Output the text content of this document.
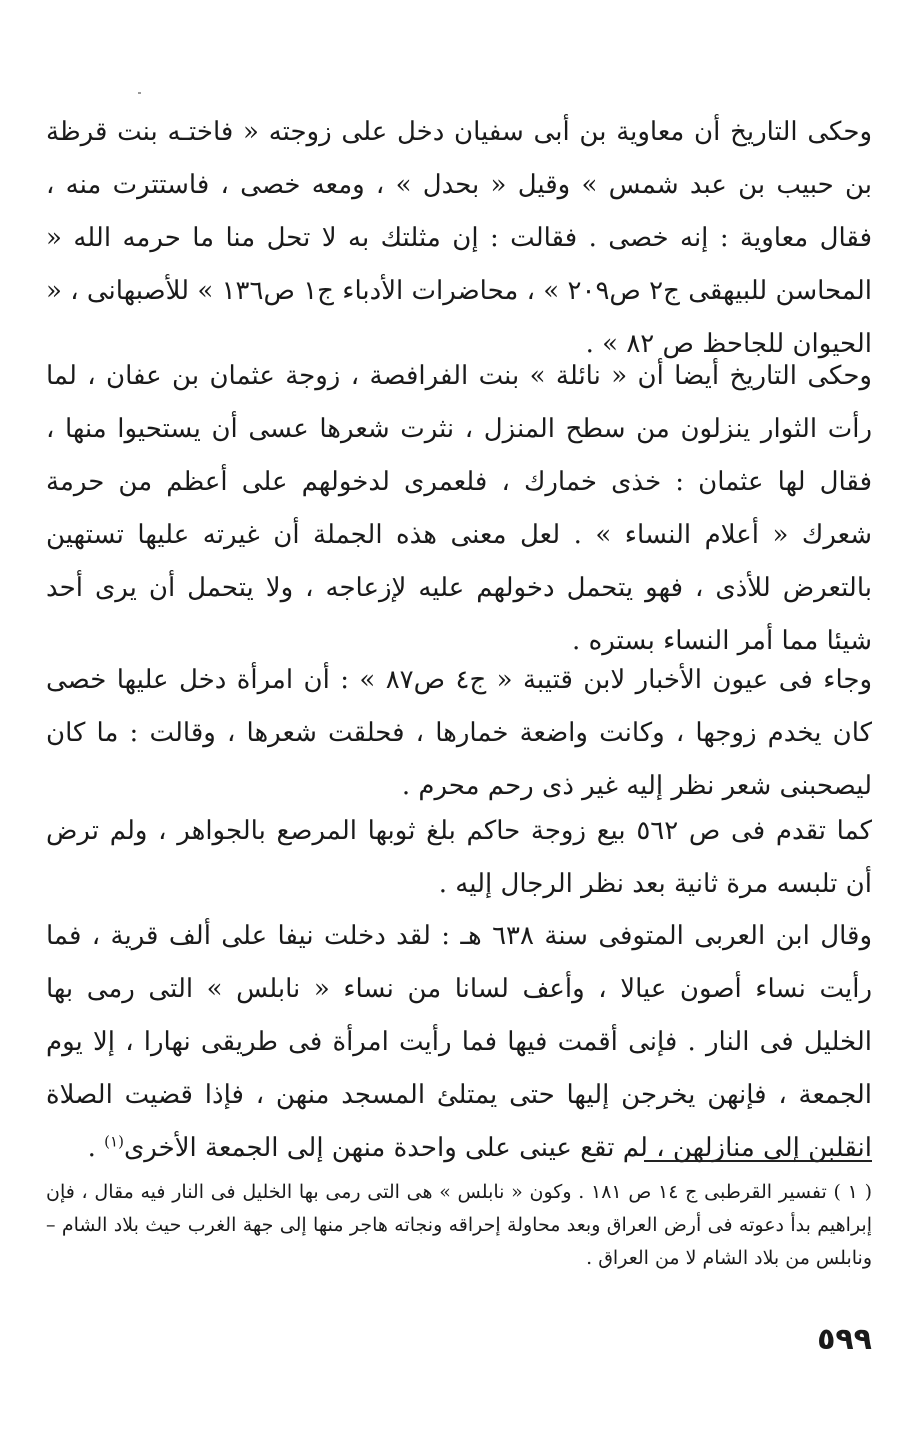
وحكى التاريخ أن معاوية بن أبى سفيان دخل على زوجته « فاختـه بنت قرظة بن حبيب بن عبد شمس » وقيل « بحدل » ، ومعه خصى ، فاستترت منه ، فقال معاوية : إنه خصى . فقالت : إن مثلتك به لا تحل منا ما حرمه الله « المحاسن للبيهقى ج٢ ص٢٠٩ » ، محاضرات الأدباء ج١ ص١٣٦ » للأصبهانى ، « الحيوان للجاحظ ص ٨٢ » .

وحكى التاريخ أيضا أن « نائلة » بنت الفرافصة ، زوجة عثمان بن عفان ، لما رأت الثوار ينزلون من سطح المنزل ، نثرت شعرها عسى أن يستحيوا منها ، فقال لها عثمان : خذى خمارك ، فلعمرى لدخولهم على أعظم من حرمة شعرك « أعلام النساء » . لعل معنى هذه الجملة أن غيرته عليها تستهين بالتعرض للأذى ، فهو يتحمل دخولهم عليه لإزعاجه ، ولا يتحمل أن يرى أحد شيئا مما أمر النساء بستره .

وجاء فى عيون الأخبار لابن قتيبة « ج٤ ص٨٧ » : أن امرأة دخل عليها خصى كان يخدم زوجها ، وكانت واضعة خمارها ، فحلقت شعرها ، وقالت : ما كان ليصحبنى شعر نظر إليه غير ذى رحم محرم .

كما تقدم فى ص ٥٦٢ بيع زوجة حاكم بلغ ثوبها المرصع بالجواهر ، ولم ترض أن تلبسه مرة ثانية بعد نظر الرجال إليه .

وقال ابن العربى المتوفى سنة ٦٣٨ هـ : لقد دخلت نيفا على ألف قرية ، فما رأيت نساء أصون عيالا ، وأعف لسانا من نساء « نابلس » التى رمى بها الخليل فى النار . فإنى أقمت فيها فما رأيت امرأة فى طريقى نهارا ، إلا يوم الجمعة ، فإنهن يخرجن إليها حتى يمتلئ المسجد منهن ، فإذا قضيت الصلاة انقلبن إلى منازلهن ، لم تقع عينى على واحدة منهن إلى الجمعة الأخرى$^{(١)}$ .

( ١ ) تفسير القرطبى ج ١٤ ص ١٨١ . وكون « نابلس » هى التى رمى بها الخليل فى النار فيه مقال ، فإن إبراهيم بدأ دعوته فى أرض العراق وبعد محاولة إحراقه ونجاته هاجر منها إلى جهة الغرب حيث بلاد الشام – ونابلس من بلاد الشام لا من العراق .

٥٩٩
